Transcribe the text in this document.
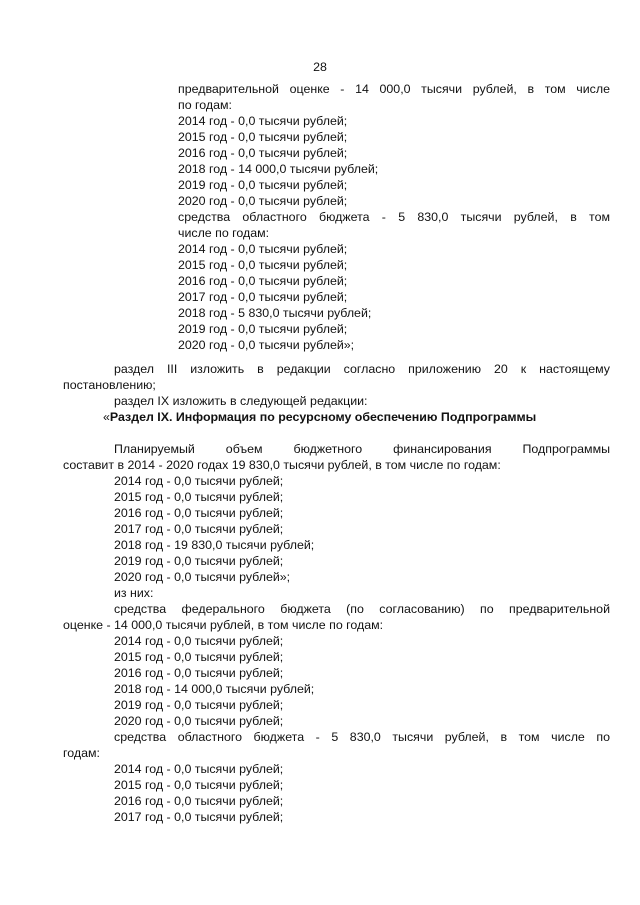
28
предварительной оценке - 14 000,0 тысячи рублей, в том числе
по годам:
2014 год - 0,0 тысячи рублей;
2015 год - 0,0 тысячи рублей;
2016 год - 0,0 тысячи рублей;
2018 год - 14 000,0 тысячи рублей;
2019 год - 0,0 тысячи рублей;
2020 год - 0,0 тысячи рублей;
средства областного бюджета - 5 830,0 тысячи рублей, в том
числе по годам:
2014 год - 0,0 тысячи рублей;
2015 год - 0,0 тысячи рублей;
2016 год - 0,0 тысячи рублей;
2017 год - 0,0 тысячи рублей;
2018 год - 5 830,0 тысячи рублей;
2019 год - 0,0 тысячи рублей;
2020 год - 0,0 тысячи рублей»;
раздел III изложить в редакции согласно приложению 20 к настоящему
постановлению;
раздел IX изложить в следующей редакции:
«Раздел IX. Информация по ресурсному обеспечению Подпрограммы
Планируемый объем бюджетного финансирования Подпрограммы
составит в 2014 - 2020 годах 19 830,0 тысячи рублей, в том числе по годам:
2014 год - 0,0 тысячи рублей;
2015 год - 0,0 тысячи рублей;
2016 год - 0,0 тысячи рублей;
2017 год - 0,0 тысячи рублей;
2018 год - 19 830,0 тысячи рублей;
2019 год - 0,0 тысячи рублей;
2020 год - 0,0 тысячи рублей»;
из них:
средства федерального бюджета (по согласованию) по предварительной
оценке - 14 000,0 тысячи рублей, в том числе по годам:
2014 год - 0,0 тысячи рублей;
2015 год - 0,0 тысячи рублей;
2016 год - 0,0 тысячи рублей;
2018 год - 14 000,0 тысячи рублей;
2019 год - 0,0 тысячи рублей;
2020 год - 0,0 тысячи рублей;
средства областного бюджета - 5 830,0 тысячи рублей, в том числе по
годам:
2014 год - 0,0 тысячи рублей;
2015 год - 0,0 тысячи рублей;
2016 год - 0,0 тысячи рублей;
2017 год - 0,0 тысячи рублей;
